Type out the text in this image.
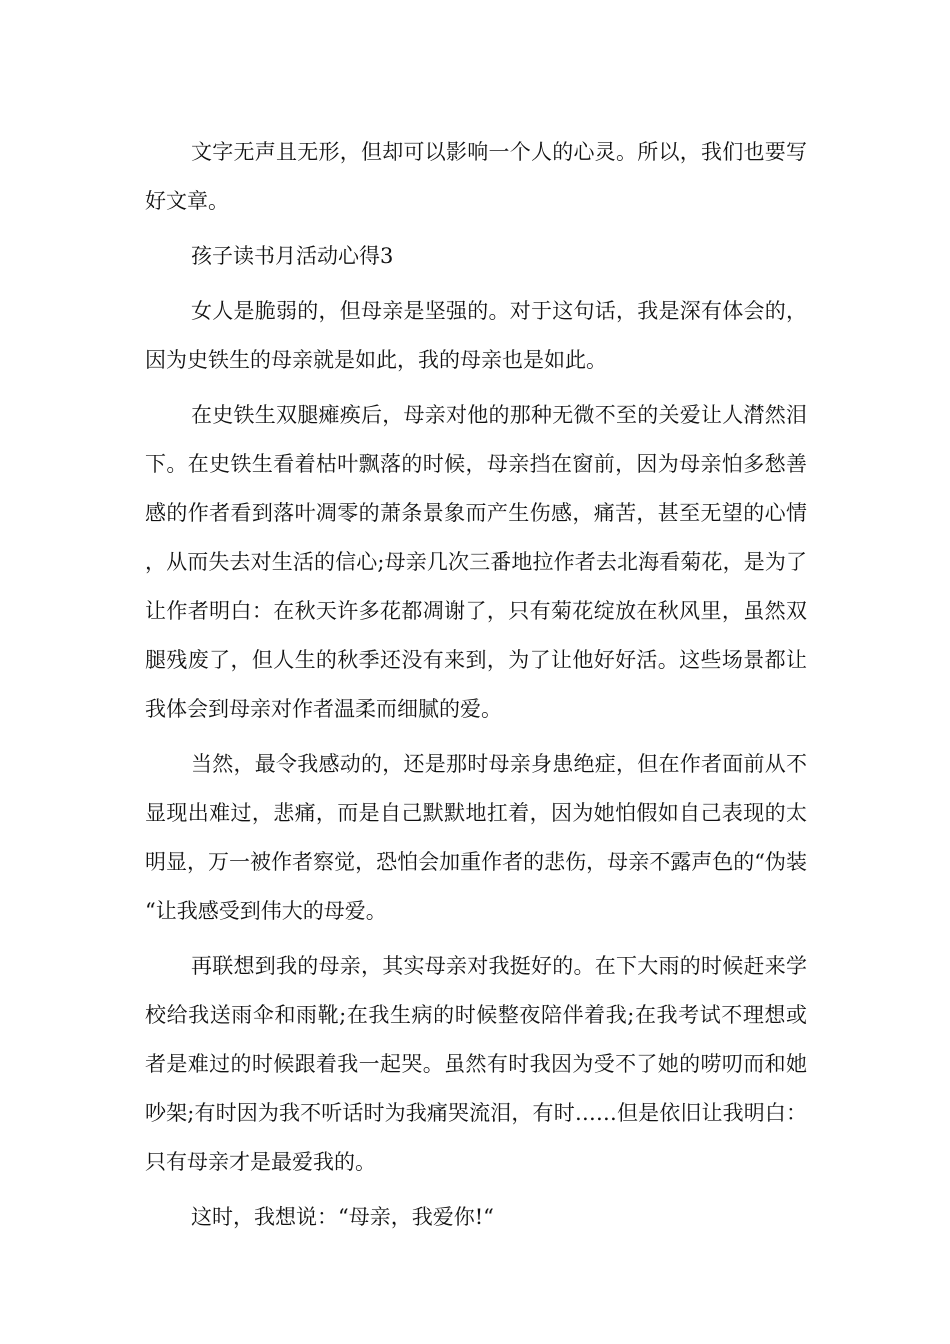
文字无声且无形，但却可以影响一个人的心灵。所以，我们也要写好文章。

孩子读书月活动心得3

女人是脆弱的，但母亲是坚强的。对于这句话，我是深有体会的，因为史铁生的母亲就是如此，我的母亲也是如此。

在史铁生双腿瘫痪后，母亲对他的那种无微不至的关爱让人潸然泪下。在史铁生看着枯叶飘落的时候，母亲挡在窗前，因为母亲怕多愁善感的作者看到落叶凋零的萧条景象而产生伤感，痛苦，甚至无望的心情，从而失去对生活的信心;母亲几次三番地拉作者去北海看菊花，是为了让作者明白：在秋天许多花都凋谢了，只有菊花绽放在秋风里，虽然双腿残废了，但人生的秋季还没有来到，为了让他好好活。这些场景都让我体会到母亲对作者温柔而细腻的爱。

当然，最令我感动的，还是那时母亲身患绝症，但在作者面前从不显现出难过，悲痛，而是自己默默地扛着，因为她怕假如自己表现的太明显，万一被作者察觉，恐怕会加重作者的悲伤，母亲不露声色的“伪装“让我感受到伟大的母爱。

再联想到我的母亲，其实母亲对我挺好的。在下大雨的时候赶来学校给我送雨伞和雨靴;在我生病的时候整夜陪伴着我;在我考试不理想或者是难过的时候跟着我一起哭。虽然有时我因为受不了她的唠叨而和她吵架;有时因为我不听话时为我痛哭流泪，有时……但是依旧让我明白：只有母亲才是最爱我的。

这时，我想说：“母亲，我爱你!“
